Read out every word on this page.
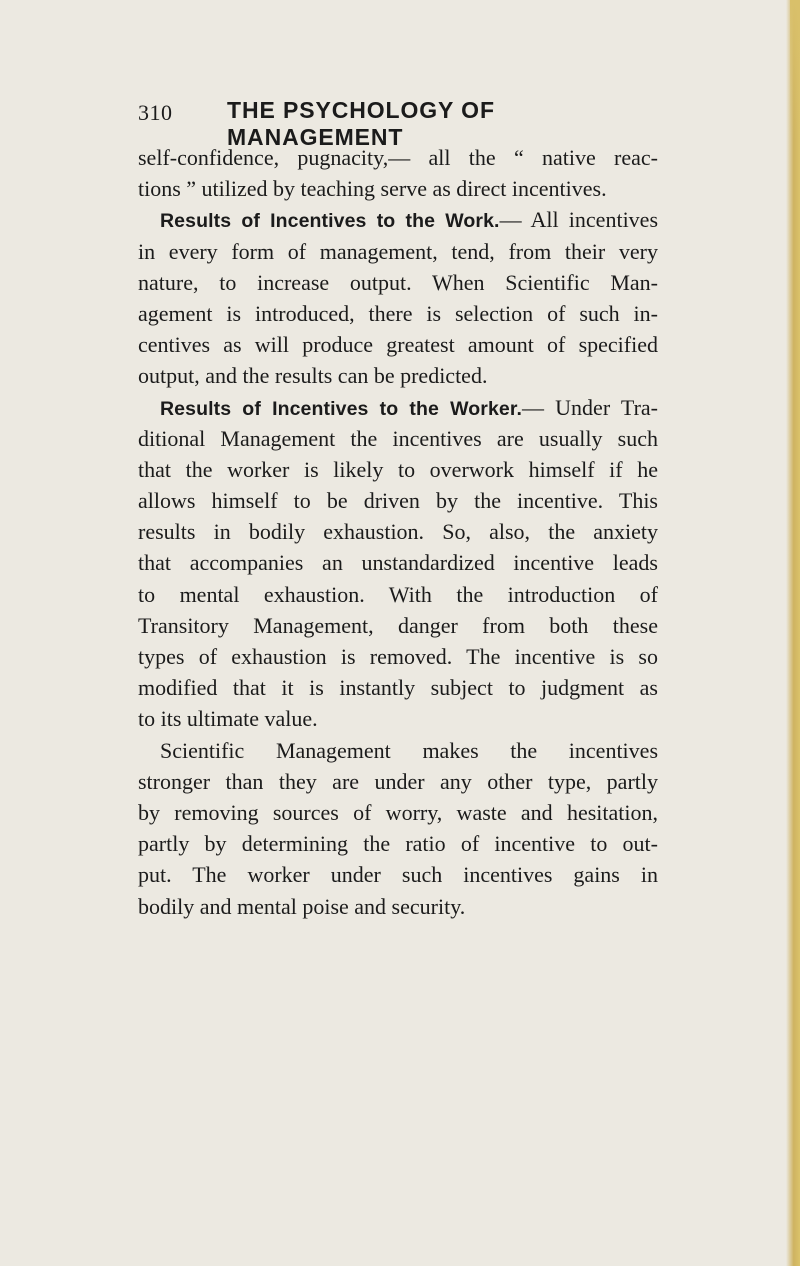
310 THE PSYCHOLOGY OF MANAGEMENT
self-confidence, pugnacity,— all the “ native reac-
tions ” utilized by teaching serve as direct incentives.
Results of Incentives to the Work.— All incentives
in every form of management, tend, from their very
nature, to increase output. When Scientific Man-
agement is introduced, there is selection of such in-
centives as will produce greatest amount of specified
output, and the results can be predicted.
Results of Incentives to the Worker.— Under Tra-
ditional Management the incentives are usually such
that the worker is likely to overwork himself if he
allows himself to be driven by the incentive. This
results in bodily exhaustion. So, also, the anxiety
that accompanies an unstandardized incentive leads
to mental exhaustion. With the introduction of
Transitory Management, danger from both these
types of exhaustion is removed. The incentive is so
modified that it is instantly subject to judgment as
to its ultimate value.
Scientific Management makes the incentives
stronger than they are under any other type, partly
by removing sources of worry, waste and hesitation,
partly by determining the ratio of incentive to out-
put. The worker under such incentives gains in
bodily and mental poise and security.
